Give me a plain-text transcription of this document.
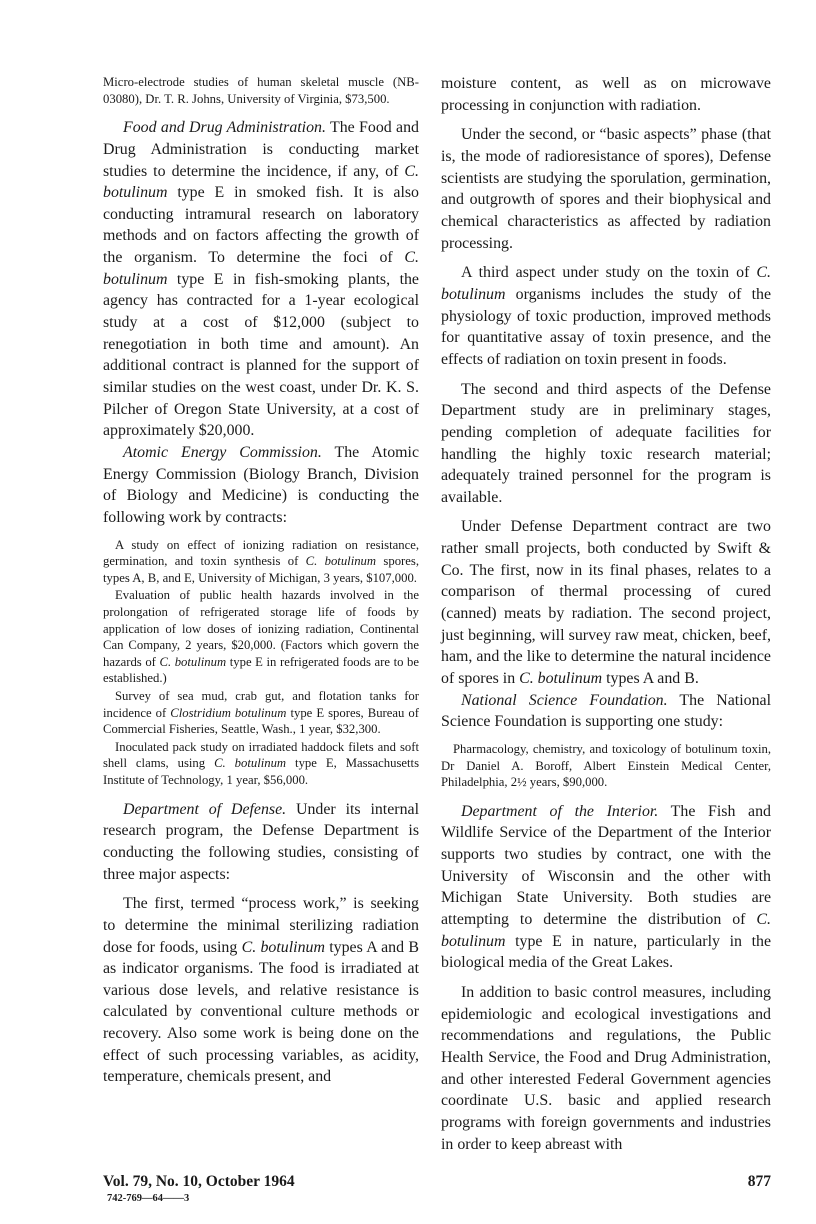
Micro-electrode studies of human skeletal muscle (NB-03080), Dr. T. R. Johns, University of Virginia, $73,500.

Food and Drug Administration. The Food and Drug Administration is conducting market studies to determine the incidence, if any, of C. botulinum type E in smoked fish. It is also conducting intramural research on laboratory methods and on factors affecting the growth of the organism. To determine the foci of C. botulinum type E in fish-smoking plants, the agency has contracted for a 1-year ecological study at a cost of $12,000 (subject to renegotiation in both time and amount). An additional contract is planned for the support of similar studies on the west coast, under Dr. K. S. Pilcher of Oregon State University, at a cost of approximately $20,000.

Atomic Energy Commission. The Atomic Energy Commission (Biology Branch, Division of Biology and Medicine) is conducting the following work by contracts:

A study on effect of ionizing radiation on resistance, germination, and toxin synthesis of C. botulinum spores, types A, B, and E, University of Michigan, 3 years, $107,000.

Evaluation of public health hazards involved in the prolongation of refrigerated storage life of foods by application of low doses of ionizing radiation, Continental Can Company, 2 years, $20,000. (Factors which govern the hazards of C. botulinum type E in refrigerated foods are to be established.)

Survey of sea mud, crab gut, and flotation tanks for incidence of Clostridium botulinum type E spores, Bureau of Commercial Fisheries, Seattle, Wash., 1 year, $32,300.

Inoculated pack study on irradiated haddock filets and soft shell clams, using C. botulinum type E, Massachusetts Institute of Technology, 1 year, $56,000.

Department of Defense. Under its internal research program, the Defense Department is conducting the following studies, consisting of three major aspects:

The first, termed “process work,” is seeking to determine the minimal sterilizing radiation dose for foods, using C. botulinum types A and B as indicator organisms. The food is irradiated at various dose levels, and relative resistance is calculated by conventional culture methods or recovery. Also some work is being done on the effect of such processing variables, as acidity, temperature, chemicals present, and

moisture content, as well as on microwave processing in conjunction with radiation.

Under the second, or “basic aspects” phase (that is, the mode of radioresistance of spores), Defense scientists are studying the sporulation, germination, and outgrowth of spores and their biophysical and chemical characteristics as affected by radiation processing.

A third aspect under study on the toxin of C. botulinum organisms includes the study of the physiology of toxic production, improved methods for quantitative assay of toxin presence, and the effects of radiation on toxin present in foods.

The second and third aspects of the Defense Department study are in preliminary stages, pending completion of adequate facilities for handling the highly toxic research material; adequately trained personnel for the program is available.

Under Defense Department contract are two rather small projects, both conducted by Swift & Co. The first, now in its final phases, relates to a comparison of thermal processing of cured (canned) meats by radiation. The second project, just beginning, will survey raw meat, chicken, beef, ham, and the like to determine the natural incidence of spores in C. botulinum types A and B.

National Science Foundation. The National Science Foundation is supporting one study:

Pharmacology, chemistry, and toxicology of botulinum toxin, Dr Daniel A. Boroff, Albert Einstein Medical Center, Philadelphia, 2½ years, $90,000.

Department of the Interior. The Fish and Wildlife Service of the Department of the Interior supports two studies by contract, one with the University of Wisconsin and the other with Michigan State University. Both studies are attempting to determine the distribution of C. botulinum type E in nature, particularly in the biological media of the Great Lakes.

In addition to basic control measures, including epidemiologic and ecological investigations and recommendations and regulations, the Public Health Service, the Food and Drug Administration, and other interested Federal Government agencies coordinate U.S. basic and applied research programs with foreign governments and industries in order to keep abreast with

Vol. 79, No. 10, October 1964	877
742-769—64——3
